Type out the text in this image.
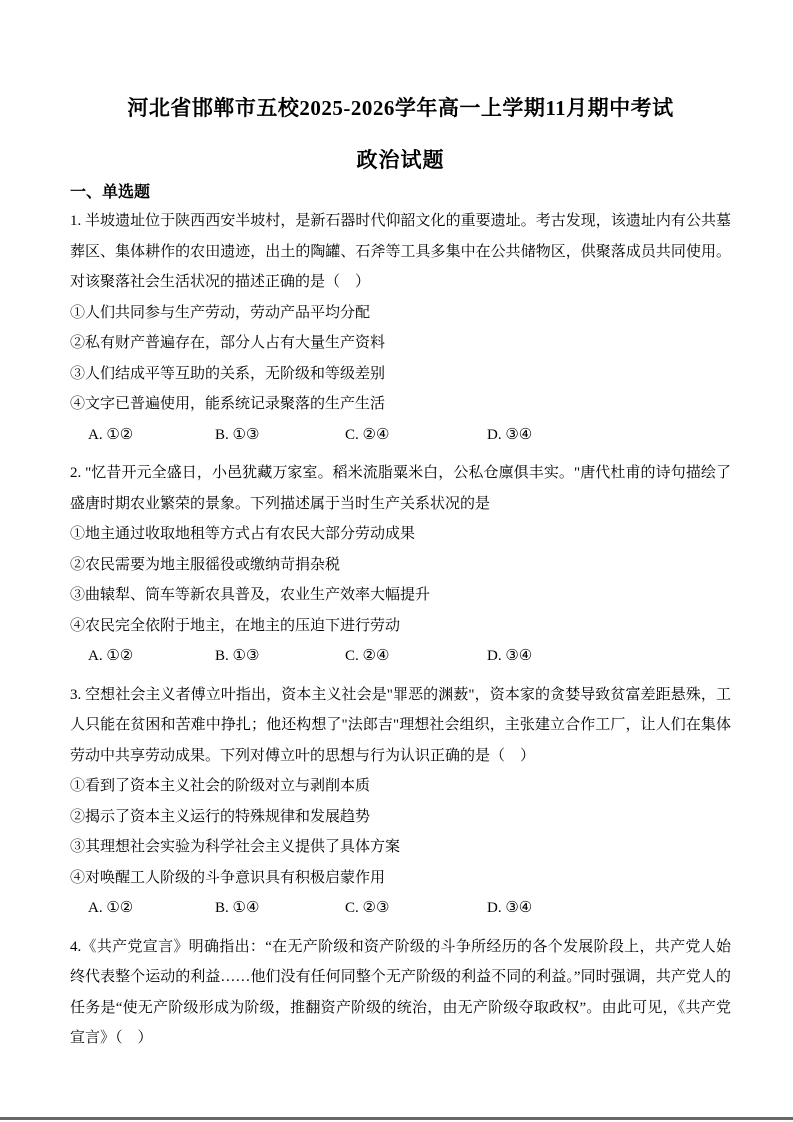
河北省邯郸市五校2025-2026学年高一上学期11月期中考试
政治试题
一、单选题
1. 半坡遗址位于陕西西安半坡村，是新石器时代仰韶文化的重要遗址。考古发现，该遗址内有公共墓葬区、集体耕作的农田遗迹，出土的陶罐、石斧等工具多集中在公共储物区，供聚落成员共同使用。对该聚落社会生活状况的描述正确的是（　）
①人们共同参与生产劳动，劳动产品平均分配
②私有财产普遍存在，部分人占有大量生产资料
③人们结成平等互助的关系，无阶级和等级差别
④文字已普遍使用，能系统记录聚落的生产生活
A. ①②	B. ①③	C. ②④	D. ③④
2. "忆昔开元全盛日，小邑犹藏万家室。稻米流脂粟米白，公私仓廪俱丰实。"唐代杜甫的诗句描绘了盛唐时期农业繁荣的景象。下列描述属于当时生产关系状况的是
①地主通过收取地租等方式占有农民大部分劳动成果
②农民需要为地主服徭役或缴纳苛捐杂税
③曲辕犁、筒车等新农具普及，农业生产效率大幅提升
④农民完全依附于地主，在地主的压迫下进行劳动
A. ①②	B. ①③	C. ②④	D. ③④
3. 空想社会主义者傅立叶指出，资本主义社会是"罪恶的渊薮"，资本家的贪婪导致贫富差距悬殊，工人只能在贫困和苦难中挣扎；他还构想了"法郎吉"理想社会组织，主张建立合作工厂，让人们在集体劳动中共享劳动成果。下列对傅立叶的思想与行为认识正确的是（　）
①看到了资本主义社会的阶级对立与剥削本质
②揭示了资本主义运行的特殊规律和发展趋势
③其理想社会实验为科学社会主义提供了具体方案
④对唤醒工人阶级的斗争意识具有积极启蒙作用
A. ①②	B. ①④	C. ②③	D. ③④
4.《共产党宣言》明确指出：“在无产阶级和资产阶级的斗争所经历的各个发展阶段上，共产党人始终代表整个运动的利益……他们没有任何同整个无产阶级的利益不同的利益。”同时强调，共产党人的任务是“使无产阶级形成为阶级，推翻资产阶级的统治，由无产阶级夺取政权”。由此可见，《共产党宣言》（　）
